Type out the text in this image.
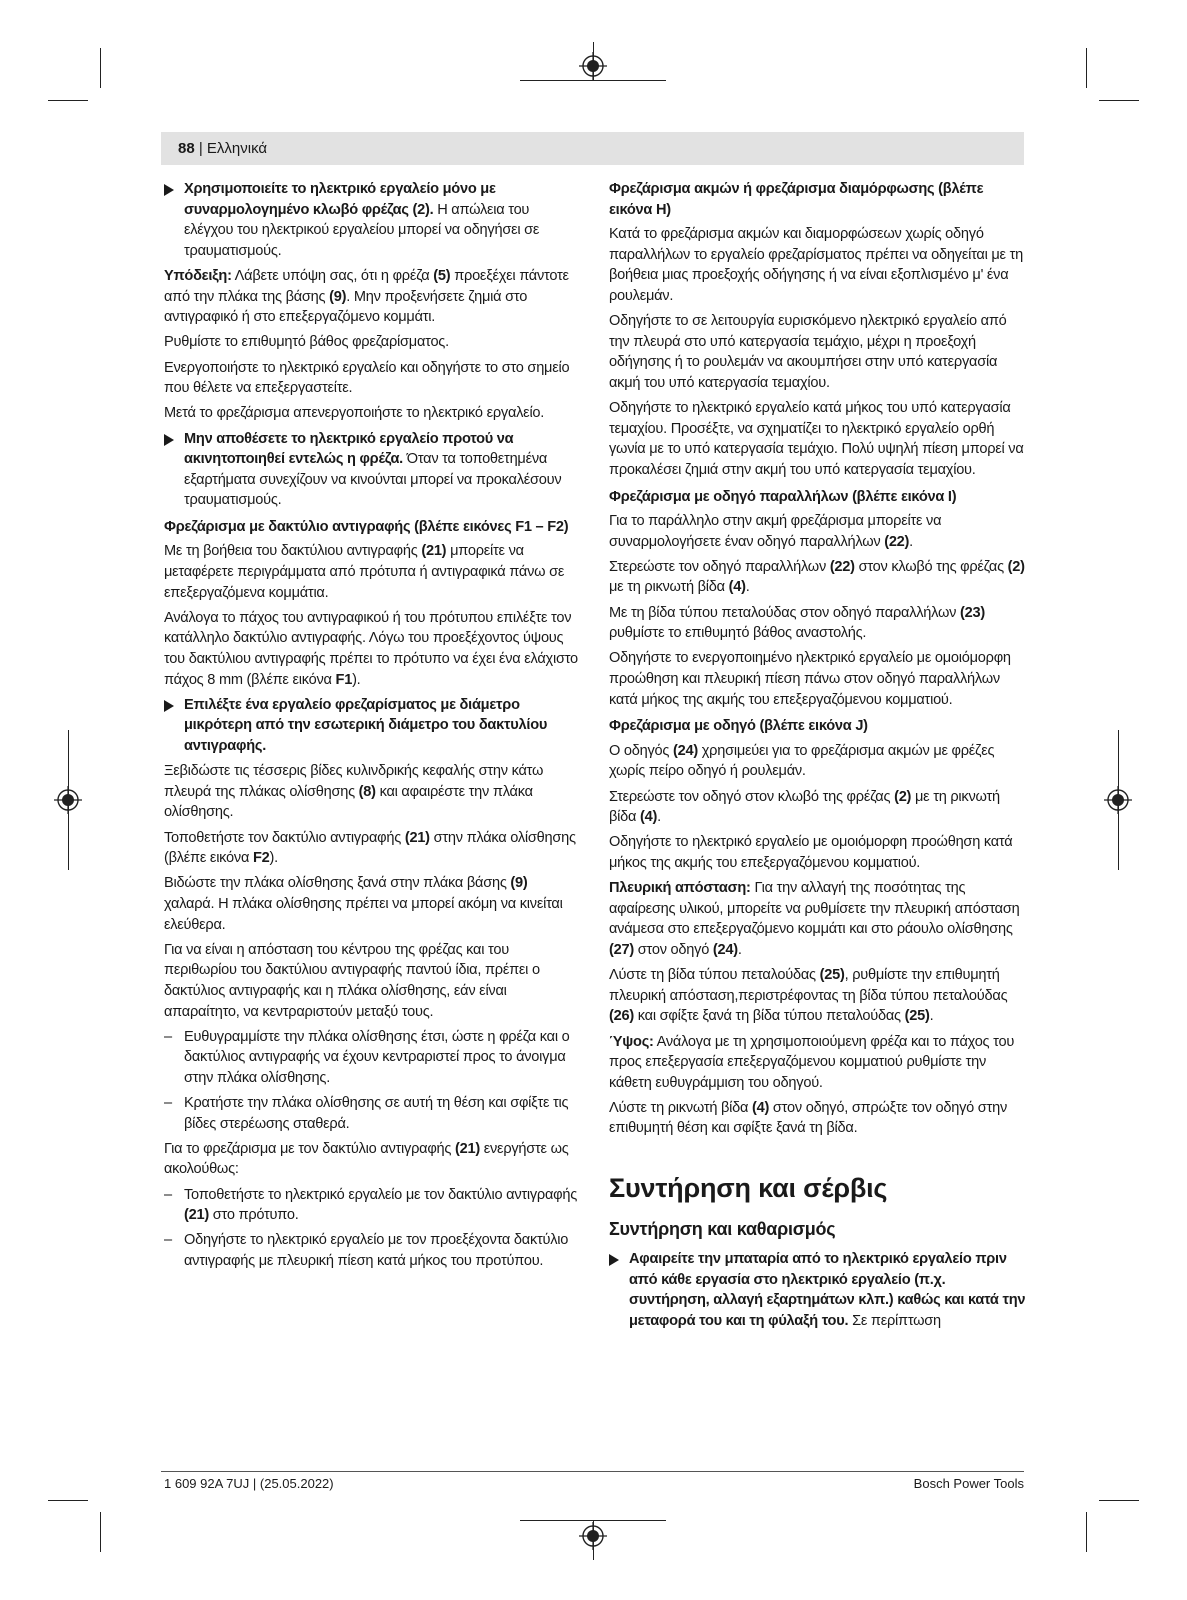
88 | Ελληνικά
Χρησιμοποιείτε το ηλεκτρικό εργαλείο μόνο με συναρμολογημένο κλωβό φρέζας (2). Η απώλεια του ελέγχου του ηλεκτρικού εργαλείου μπορεί να οδηγήσει σε τραυματισμούς.

Υπόδειξη: Λάβετε υπόψη σας, ότι η φρέζα (5) προεξέχει πάντοτε από την πλάκα της βάσης (9). Μην προξενήσετε ζημιά στο αντιγραφικό ή στο επεξεργαζόμενο κομμάτι.

Ρυθμίστε το επιθυμητό βάθος φρεζαρίσματος.

Ενεργοποιήστε το ηλεκτρικό εργαλείο και οδηγήστε το στο σημείο που θέλετε να επεξεργαστείτε.

Μετά το φρεζάρισμα απενεργοποιήστε το ηλεκτρικό εργαλείο.

Μην αποθέσετε το ηλεκτρικό εργαλείο προτού να ακινητοποιηθεί εντελώς η φρέζα. Όταν τα τοποθετημένα εξαρτήματα συνεχίζουν να κινούνται μπορεί να προκαλέσουν τραυματισμούς.
Φρεζάρισμα με δακτύλιο αντιγραφής (βλέπε εικόνες F1 – F2)

Με τη βοήθεια του δακτύλιου αντιγραφής (21) μπορείτε να μεταφέρετε περιγράμματα από πρότυπα ή αντιγραφικά πάνω σε επεξεργαζόμενα κομμάτια.

Ανάλογα το πάχος του αντιγραφικού ή του πρότυπου επιλέξτε τον κατάλληλο δακτύλιο αντιγραφής. Λόγω του προεξέχοντος ύψους του δακτύλιου αντιγραφής πρέπει το πρότυπο να έχει ένα ελάχιστο πάχος 8 mm (βλέπε εικόνα F1).

Επιλέξτε ένα εργαλείο φρεζαρίσματος με διάμετρο μικρότερη από την εσωτερική διάμετρο του δακτυλίου αντιγραφής.

Ξεβιδώστε τις τέσσερις βίδες κυλινδρικής κεφαλής στην κάτω πλευρά της πλάκας ολίσθησης (8) και αφαιρέστε την πλάκα ολίσθησης.

Τοποθετήστε τον δακτύλιο αντιγραφής (21) στην πλάκα ολίσθησης (βλέπε εικόνα F2).

Βιδώστε την πλάκα ολίσθησης ξανά στην πλάκα βάσης (9) χαλαρά. Η πλάκα ολίσθησης πρέπει να μπορεί ακόμη να κινείται ελεύθερα.

Για να είναι η απόσταση του κέντρου της φρέζας και του περιθωρίου του δακτύλιου αντιγραφής παντού ίδια, πρέπει ο δακτύλιος αντιγραφής και η πλάκα ολίσθησης, εάν είναι απαραίτητο, να κεντραριστούν μεταξύ τους.

– Ευθυγραμμίστε την πλάκα ολίσθησης έτσι, ώστε η φρέζα και ο δακτύλιος αντιγραφής να έχουν κεντραριστεί προς το άνοιγμα στην πλάκα ολίσθησης.
– Κρατήστε την πλάκα ολίσθησης σε αυτή τη θέση και σφίξτε τις βίδες στερέωσης σταθερά.

Για το φρεζάρισμα με τον δακτύλιο αντιγραφής (21) ενεργήστε ως ακολούθως:

– Τοποθετήστε το ηλεκτρικό εργαλείο με τον δακτύλιο αντιγραφής (21) στο πρότυπο.
– Οδηγήστε το ηλεκτρικό εργαλείο με τον προεξέχοντα δακτύλιο αντιγραφής με πλευρική πίεση κατά μήκος του προτύπου.
Φρεζάρισμα ακμών ή φρεζάρισμα διαμόρφωσης (βλέπε εικόνα H)

Κατά το φρεζάρισμα ακμών και διαμορφώσεων χωρίς οδηγό παραλλήλων το εργαλείο φρεζαρίσματος πρέπει να οδηγείται με τη βοήθεια μιας προεξοχής οδήγησης ή να είναι εξοπλισμένο μ' ένα ρουλεμάν.

Οδηγήστε το σε λειτουργία ευρισκόμενο ηλεκτρικό εργαλείο από την πλευρά στο υπό κατεργασία τεμάχιο, μέχρι η προεξοχή οδήγησης ή το ρουλεμάν να ακουμπήσει στην υπό κατεργασία ακμή του υπό κατεργασία τεμαχίου.

Οδηγήστε το ηλεκτρικό εργαλείο κατά μήκος του υπό κατεργασία τεμαχίου. Προσέξτε, να σχηματίζει το ηλεκτρικό εργαλείο ορθή γωνία με το υπό κατεργασία τεμάχιο. Πολύ υψηλή πίεση μπορεί να προκαλέσει ζημιά στην ακμή του υπό κατεργασία τεμαχίου.

Φρεζάρισμα με οδηγό παραλλήλων (βλέπε εικόνα I)

Για το παράλληλο στην ακμή φρεζάρισμα μπορείτε να συναρμολογήσετε έναν οδηγό παραλλήλων (22).

Στερεώστε τον οδηγό παραλλήλων (22) στον κλωβό της φρέζας (2) με τη ρικνωτή βίδα (4).

Με τη βίδα τύπου πεταλούδας στον οδηγό παραλλήλων (23) ρυθμίστε το επιθυμητό βάθος αναστολής.

Οδηγήστε το ενεργοποιημένο ηλεκτρικό εργαλείο με ομοιόμορφη προώθηση και πλευρική πίεση πάνω στον οδηγό παραλλήλων κατά μήκος της ακμής του επεξεργαζόμενου κομματιού.

Φρεζάρισμα με οδηγό (βλέπε εικόνα J)

Ο οδηγός (24) χρησιμεύει για το φρεζάρισμα ακμών με φρέζες χωρίς πείρο οδηγό ή ρουλεμάν.

Στερεώστε τον οδηγό στον κλωβό της φρέζας (2) με τη ρικνωτή βίδα (4).

Οδηγήστε το ηλεκτρικό εργαλείο με ομοιόμορφη προώθηση κατά μήκος της ακμής του επεξεργαζόμενου κομματιού.

Πλευρική απόσταση: Για την αλλαγή της ποσότητας της αφαίρεσης υλικού, μπορείτε να ρυθμίσετε την πλευρική απόσταση ανάμεσα στο επεξεργαζόμενο κομμάτι και στο ράουλο ολίσθησης (27) στον οδηγό (24).

Λύστε τη βίδα τύπου πεταλούδας (25), ρυθμίστε την επιθυμητή πλευρική απόσταση,περιστρέφοντας τη βίδα τύπου πεταλούδας (26) και σφίξτε ξανά τη βίδα τύπου πεταλούδας (25).

Ύψος: Ανάλογα με τη χρησιμοποιούμενη φρέζα και το πάχος του προς επεξεργασία επεξεργαζόμενου κομματιού ρυθμίστε την κάθετη ευθυγράμμιση του οδηγού.

Λύστε τη ρικνωτή βίδα (4) στον οδηγό, σπρώξτε τον οδηγό στην επιθυμητή θέση και σφίξτε ξανά τη βίδα.

Συντήρηση και σέρβις
Συντήρηση και καθαρισμός
Αφαιρείτε την μπαταρία από το ηλεκτρικό εργαλείο πριν από κάθε εργασία στο ηλεκτρικό εργαλείο (π.χ. συντήρηση, αλλαγή εξαρτημάτων κλπ.) καθώς και κατά την μεταφορά του και τη φύλαξή του. Σε περίπτωση
1 609 92A 7UJ | (25.05.2022)	Bosch Power Tools
